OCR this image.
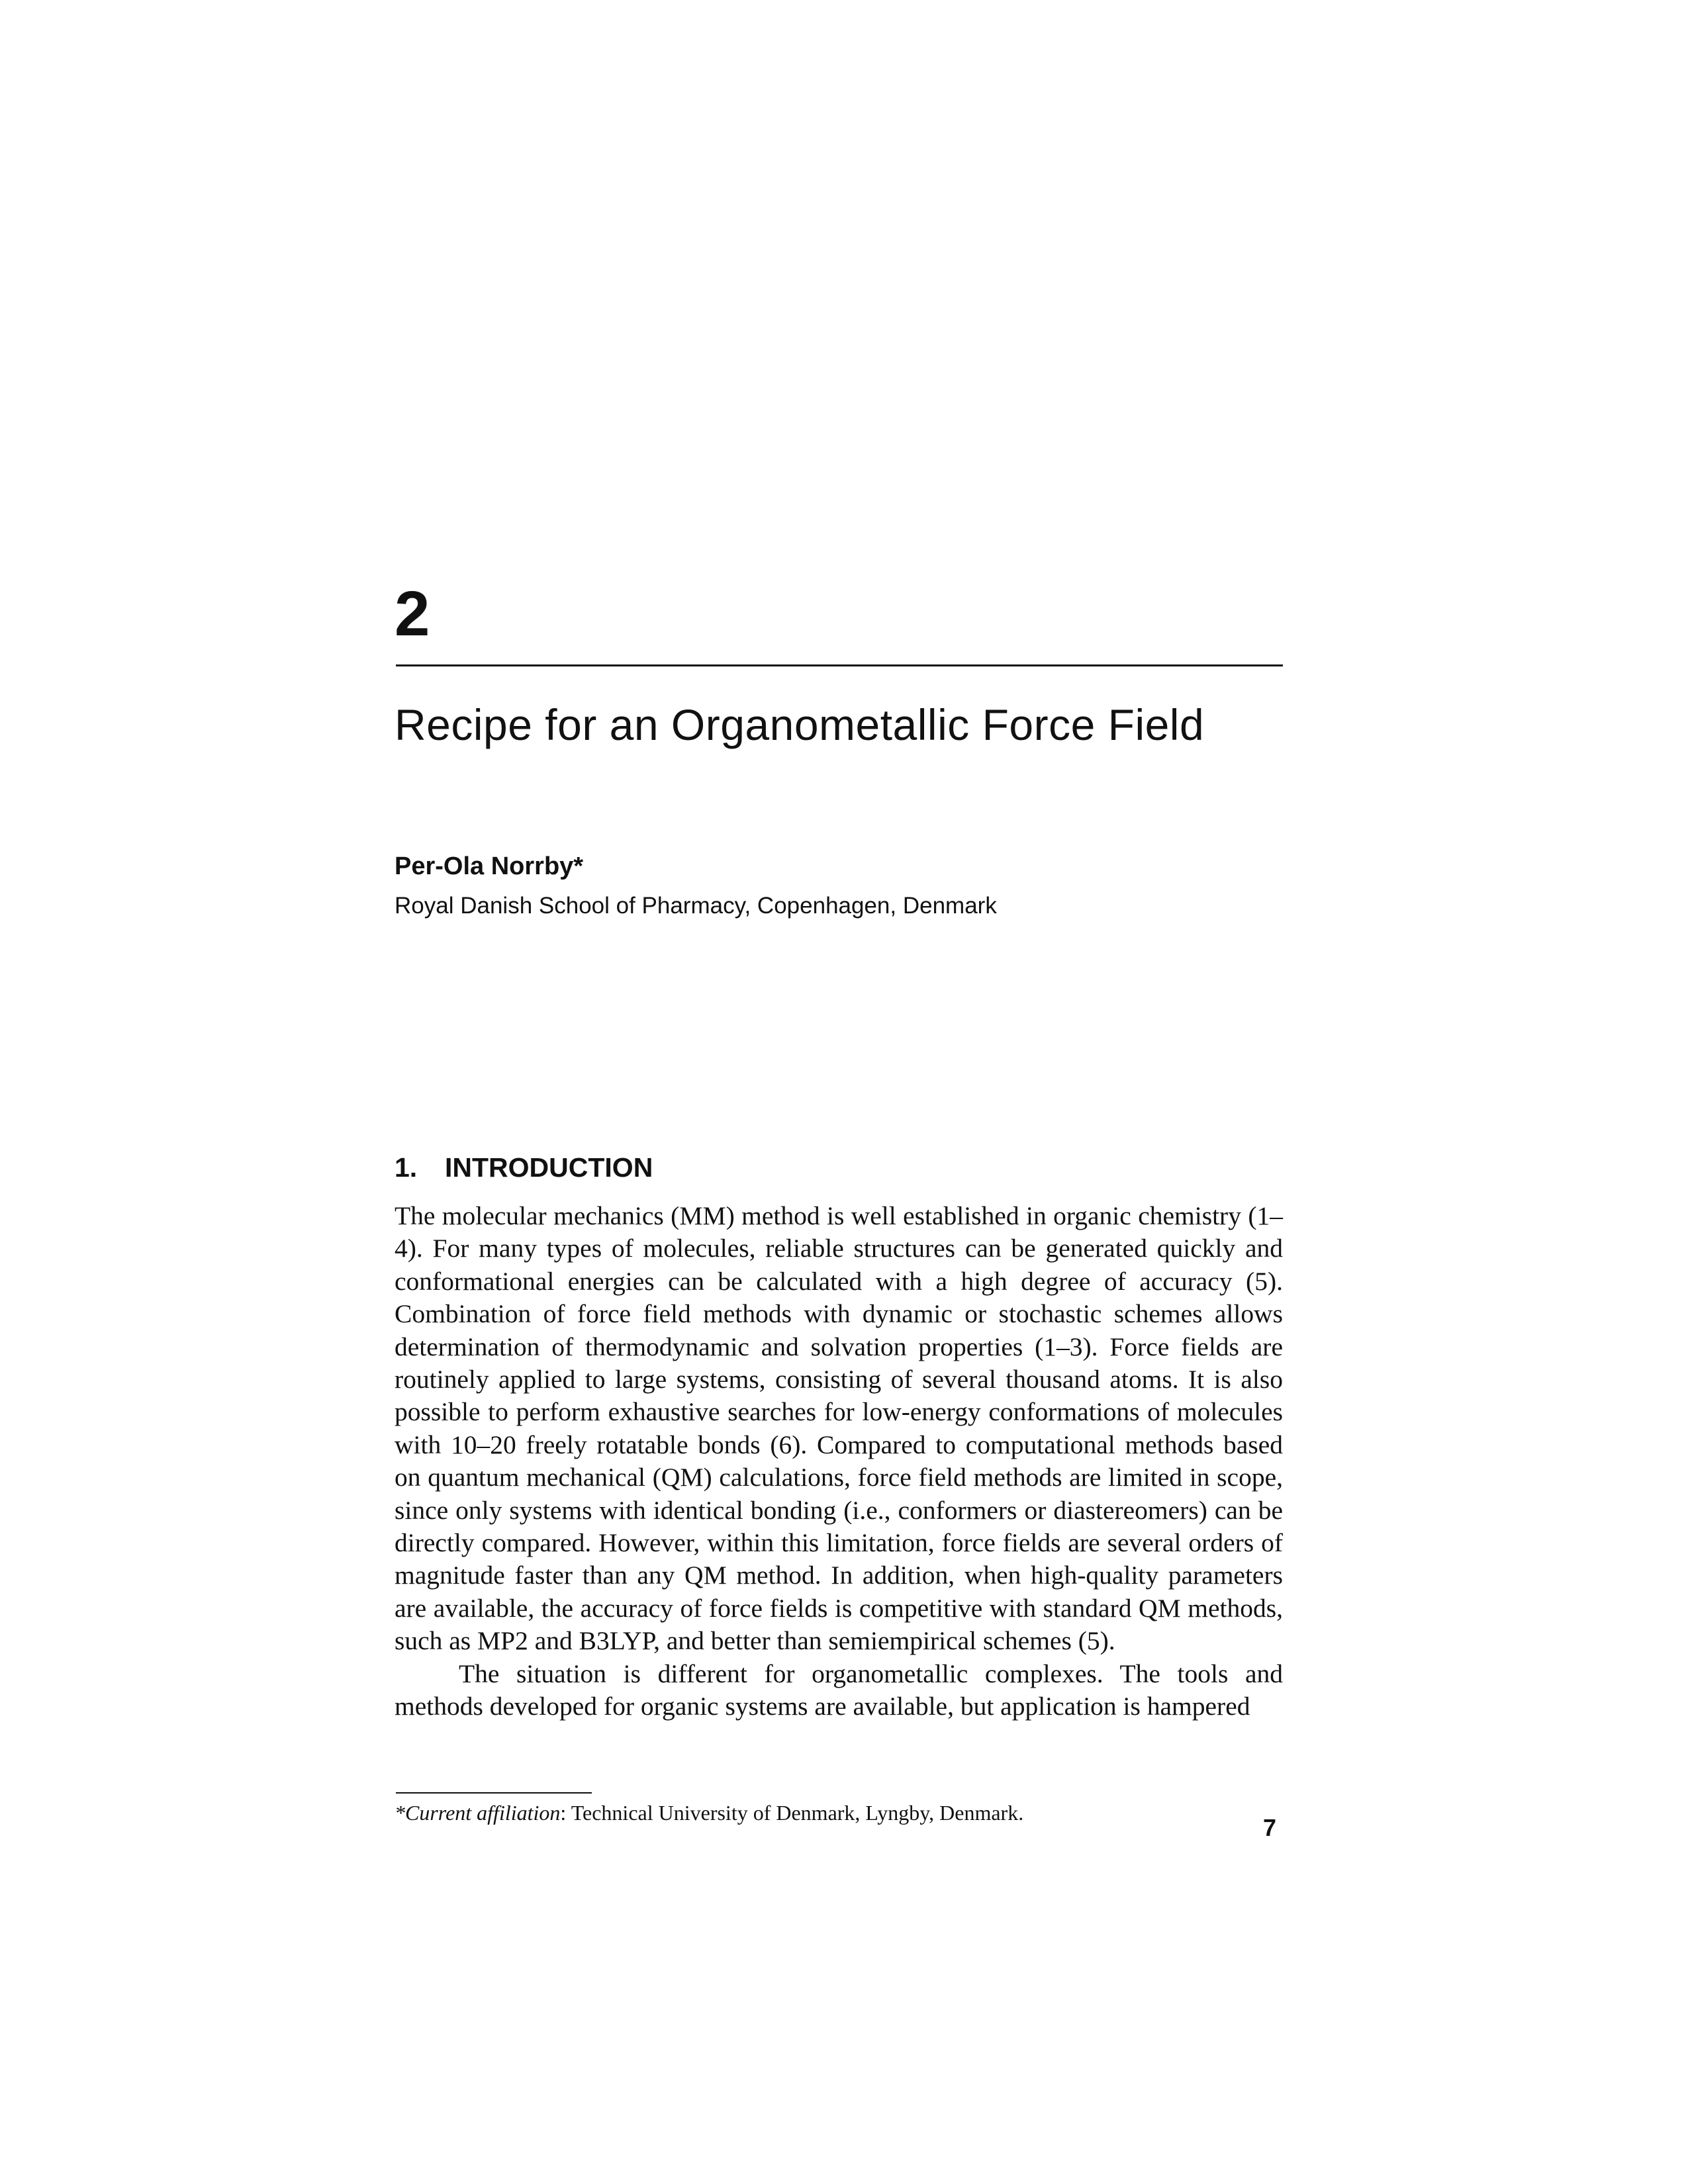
2
Recipe for an Organometallic Force Field
Per-Ola Norrby*
Royal Danish School of Pharmacy, Copenhagen, Denmark
1. INTRODUCTION

The molecular mechanics (MM) method is well established in organic chemistry (1–4). For many types of molecules, reliable structures can be generated quickly and conformational energies can be calculated with a high degree of accuracy (5). Combination of force field methods with dynamic or stochastic schemes allows determination of thermodynamic and solvation properties (1–3). Force fields are routinely applied to large systems, consisting of several thousand atoms. It is also possible to perform exhaustive searches for low-energy conformations of molecules with 10–20 freely rotatable bonds (6). Compared to computational methods based on quantum mechanical (QM) calculations, force field methods are limited in scope, since only systems with identical bonding (i.e., conformers or diastereomers) can be directly compared. However, within this limitation, force fields are several orders of magnitude faster than any QM method. In addition, when high-quality parameters are available, the accuracy of force fields is competitive with standard QM methods, such as MP2 and B3LYP, and better than semiempirical schemes (5).

The situation is different for organometallic complexes. The tools and methods developed for organic systems are available, but application is hampered

*Current affiliation: Technical University of Denmark, Lyngby, Denmark.
7
